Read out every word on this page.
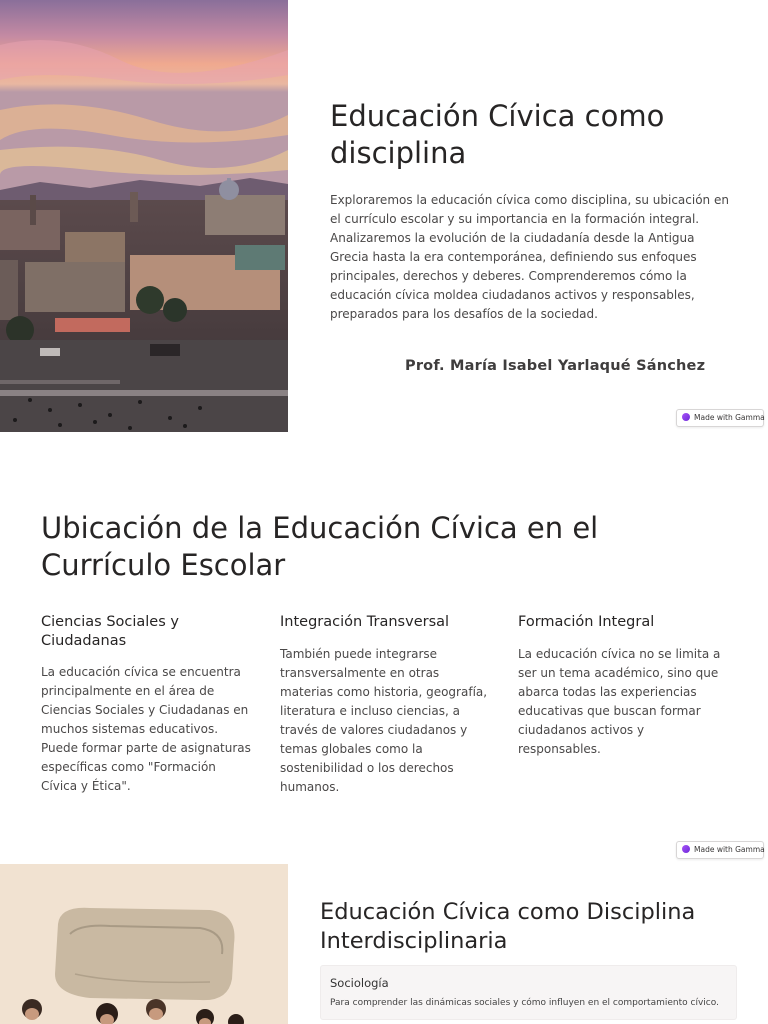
Educación Cívica como disciplina

Exploraremos la educación cívica como disciplina, su ubicación en el currículo escolar y su importancia en la formación integral. Analizaremos la evolución de la ciudadanía desde la Antigua Grecia hasta la era contemporánea, definiendo sus enfoques principales, derechos y deberes. Comprenderemos cómo la educación cívica moldea ciudadanos activos y responsables, preparados para los desafíos de la sociedad.

Prof. María Isabel Yarlaqué Sánchez
Made with Gamma
Ubicación de la Educación Cívica en el Currículo Escolar
Ciencias Sociales y Ciudadanas

La educación cívica se encuentra principalmente en el área de Ciencias Sociales y Ciudadanas en muchos sistemas educativos. Puede formar parte de asignaturas específicas como "Formación Cívica y Ética".

Integración Transversal

También puede integrarse transversalmente en otras materias como historia, geografía, literatura e incluso ciencias, a través de valores ciudadanos y temas globales como la sostenibilidad o los derechos humanos.

Formación Integral

La educación cívica no se limita a ser un tema académico, sino que abarca todas las experiencias educativas que buscan formar ciudadanos activos y responsables.

Made with Gamma
Educación Cívica como Disciplina Interdisciplinaria
Sociología

Para comprender las dinámicas sociales y cómo influyen en el comportamiento cívico.
